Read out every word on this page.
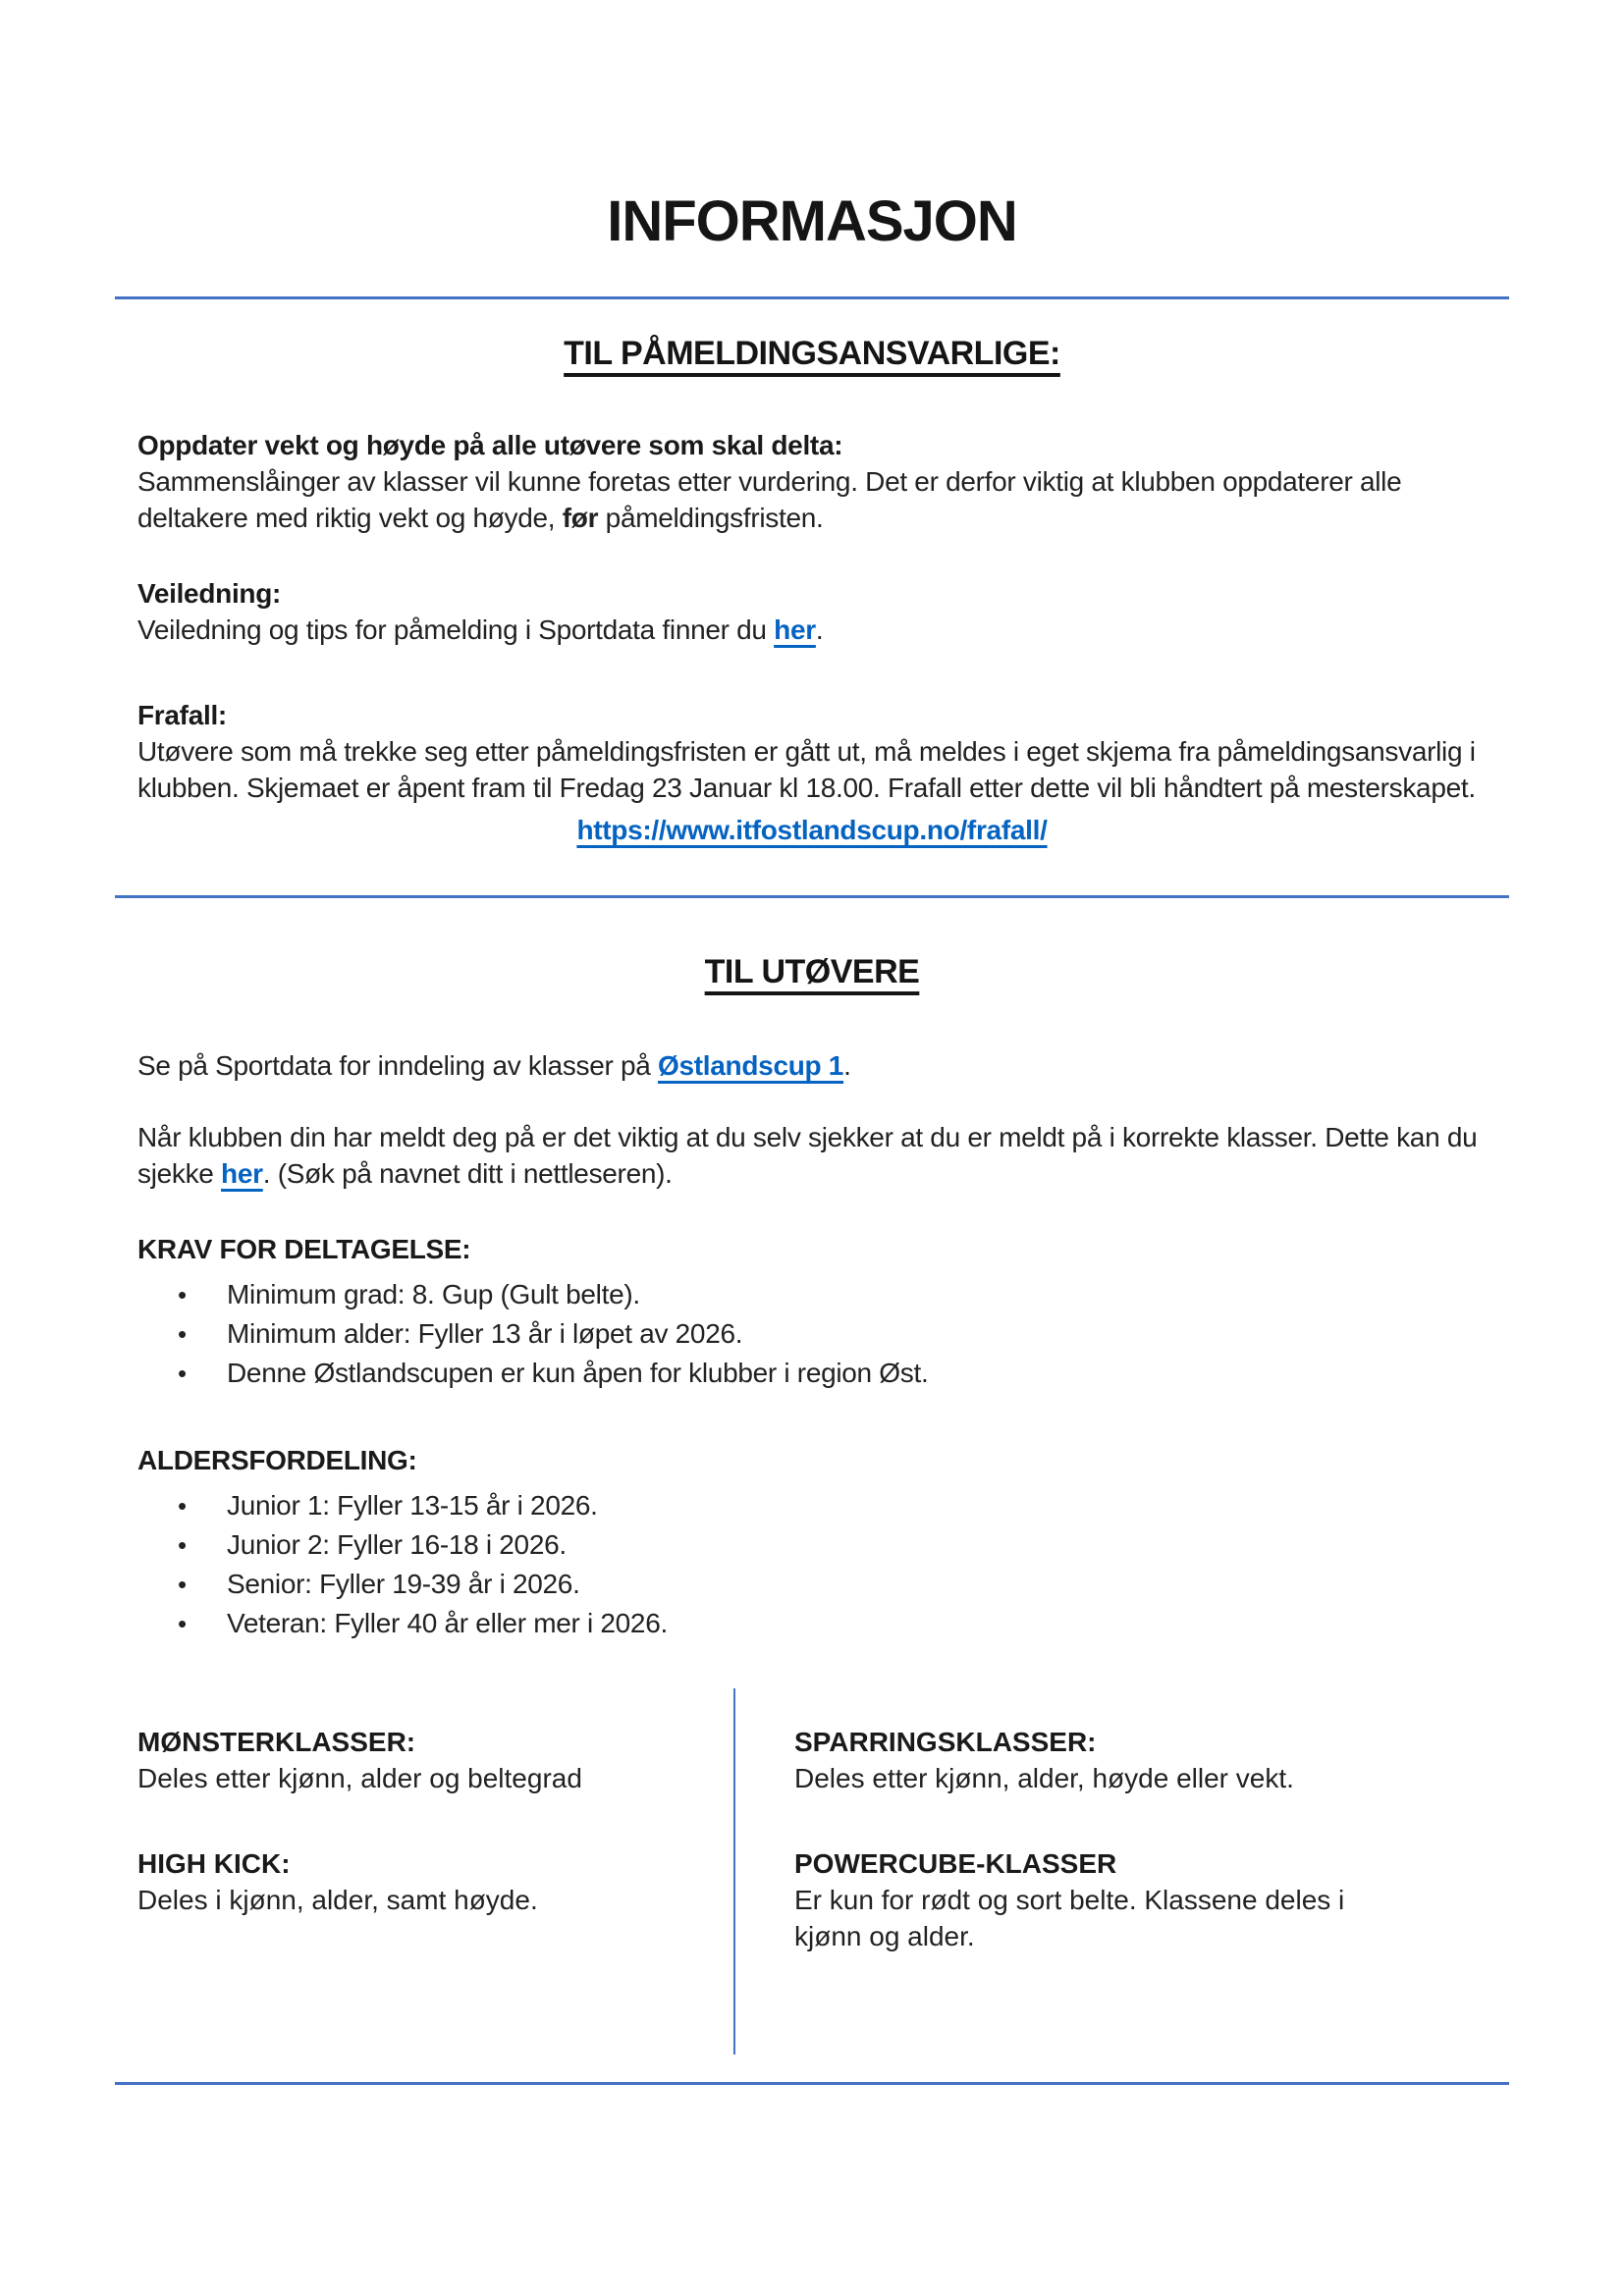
INFORMASJON
TIL PÅMELDINGSANSVARLIGE:

Oppdater vekt og høyde på alle utøvere som skal delta:

Sammenslåinger av klasser vil kunne foretas etter vurdering. Det er derfor viktig at klubben oppdaterer alle deltakere med riktig vekt og høyde, før påmeldingsfristen.

Veiledning:

Veiledning og tips for påmelding i Sportdata finner du her.

Frafall:

Utøvere som må trekke seg etter påmeldingsfristen er gått ut, må meldes i eget skjema fra påmeldingsansvarlig i klubben. Skjemaet er åpent fram til Fredag 23 Januar kl 18.00. Frafall etter dette vil bli håndtert på mesterskapet.

https://www.itfostlandscup.no/frafall/

TIL UTØVERE

Se på Sportdata for inndeling av klasser på Østlandscup 1.

Når klubben din har meldt deg på er det viktig at du selv sjekker at du er meldt på i korrekte klasser. Dette kan du sjekke her. (Søk på navnet ditt i nettleseren).

KRAV FOR DELTAGELSE:

• Minimum grad: 8. Gup (Gult belte).
• Minimum alder: Fyller 13 år i løpet av 2026.
• Denne Østlandscupen er kun åpen for klubber i region Øst.

ALDERSFORDELING:

• Junior 1: Fyller 13-15 år i 2026.
• Junior 2: Fyller 16-18 i 2026.
• Senior: Fyller 19-39 år i 2026.
• Veteran: Fyller 40 år eller mer i 2026.

MØNSTERKLASSER:

Deles etter kjønn, alder og beltegrad

HIGH KICK:

Deles i kjønn, alder, samt høyde.

SPARRINGSKLASSER:

Deles etter kjønn, alder, høyde eller vekt.

POWERCUBE-KLASSER

Er kun for rødt og sort belte. Klassene deles i kjønn og alder.
